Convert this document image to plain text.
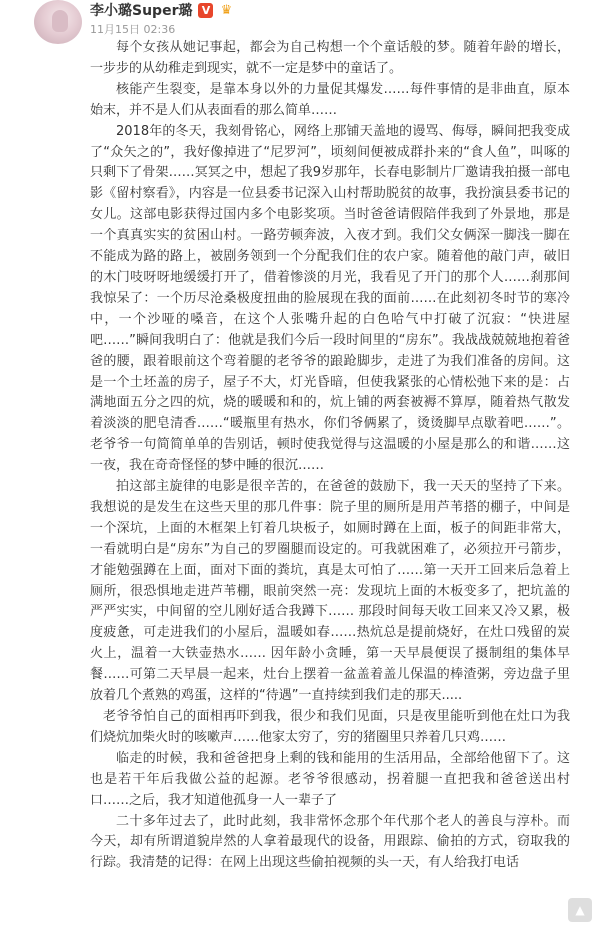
李小璐Super璐 V ♛
11月15日 02:36

每个女孩从她记事起，都会为自己构想一个个童话般的梦。随着年龄的增长，一步步的从幼稚走到现实，就不一定是梦中的童话了。

核能产生裂变，是靠本身以外的力量促其爆发……每件事情的是非曲直，原本始末，并不是人们从表面看的那么简单……

2018年的冬天，我刻骨铭心，网络上那铺天盖地的谩骂、侮辱，瞬间把我变成了“众矢之的”，我好像掉进了“尼罗河”，顷刻间便被成群扑来的“食人鱼”，叫啄的只剩下了骨架……冥冥之中，想起了我9岁那年，长春电影制片厂邀请我拍摄一部电影《留村察看》，内容是一位县委书记深入山村帮助脱贫的故事，我扮演县委书记的女儿。这部电影获得过国内多个电影奖项。当时爸爸请假陪伴我到了外景地，那是一个真真实实的贫困山村。一路劳顿奔波，入夜才到。我们父女俩深一脚浅一脚在不能成为路的路上，被剧务领到一个分配我们住的农户家。随着他的敲门声，破旧的木门吱呀呀地缓缓打开了，借着惨淡的月光，我看见了开门的那个人……刹那间我惊呆了：一个历尽沧桑极度扭曲的脸展现在我的面前……在此刻初冬时节的寒冷中，一个沙哑的嗓音，在这个人张嘴升起的白色哈气中打破了沉寂：“快进屋吧……”瞬间我明白了：他就是我们今后一段时间里的“房东”。我战战兢兢地抱着爸爸的腰，跟着眼前这个弯着腿的老爷爷的踉跄脚步，走进了为我们准备的房间。这是一个土坯盖的房子，屋子不大，灯光昏暗，但使我紧张的心情松弛下来的是：占满地面五分之四的炕，烧的暖暖和和的，炕上铺的两套被褥不算厚，随着热气散发着淡淡的肥皂清香……“暖瓶里有热水，你们爷俩累了，烫烫脚早点歇着吧……”。老爷爷一句简简单单的告别话，顿时使我觉得与这温暖的小屋是那么的和谐……这一夜，我在奇奇怪怪的梦中睡的很沉……

拍这部主旋律的电影是很辛苦的，在爸爸的鼓励下，我一天天的坚持了下来。我想说的是发生在这些天里的那几件事：院子里的厕所是用芦苇搭的棚子，中间是一个深坑，上面的木框架上钉着几块板子，如厕时蹲在上面，板子的间距非常大，一看就明白是“房东”为自己的罗圈腿而设定的。可我就困难了，必须拉开弓箭步，才能勉强蹲在上面，面对下面的粪坑，真是太可怕了……第一天开工回来后急着上厕所，很恐惧地走进芦苇棚，眼前突然一亮：发现坑上面的木板变多了，把坑盖的严严实实，中间留的空儿刚好适合我蹲下…… 那段时间每天收工回来又冷又累，极度疲惫，可走进我们的小屋后，温暖如春……热炕总是提前烧好，在灶口残留的炭火上，温着一大铁壶热水…… 因年龄小贪睡，第一天早晨便误了摄制组的集体早餐……可第二天早晨一起来，灶台上摆着一盆盖着盖儿保温的棒渣粥，旁边盘子里放着几个煮熟的鸡蛋，这样的“待遇”一直持续到我们走的那天.....

老爷爷怕自己的面相再吓到我，很少和我们见面，只是夜里能听到他在灶口为我们烧炕加柴火时的咳嗽声……他家太穷了，穷的猪圈里只养着几只鸡……

临走的时候，我和爸爸把身上剩的钱和能用的生活用品，全部给他留下了。这也是若干年后我做公益的起源。老爷爷很感动，拐着腿一直把我和爸爸送出村口……之后，我才知道他孤身一人一辈子了

二十多年过去了，此时此刻，我非常怀念那个年代那个老人的善良与淳朴。而今天，却有所谓道貌岸然的人拿着最现代的设备，用跟踪、偷拍的方式，窃取我的行踪。我清楚的记得：在网上出现这些偷拍视频的头一天，有人给我打电话

▲
